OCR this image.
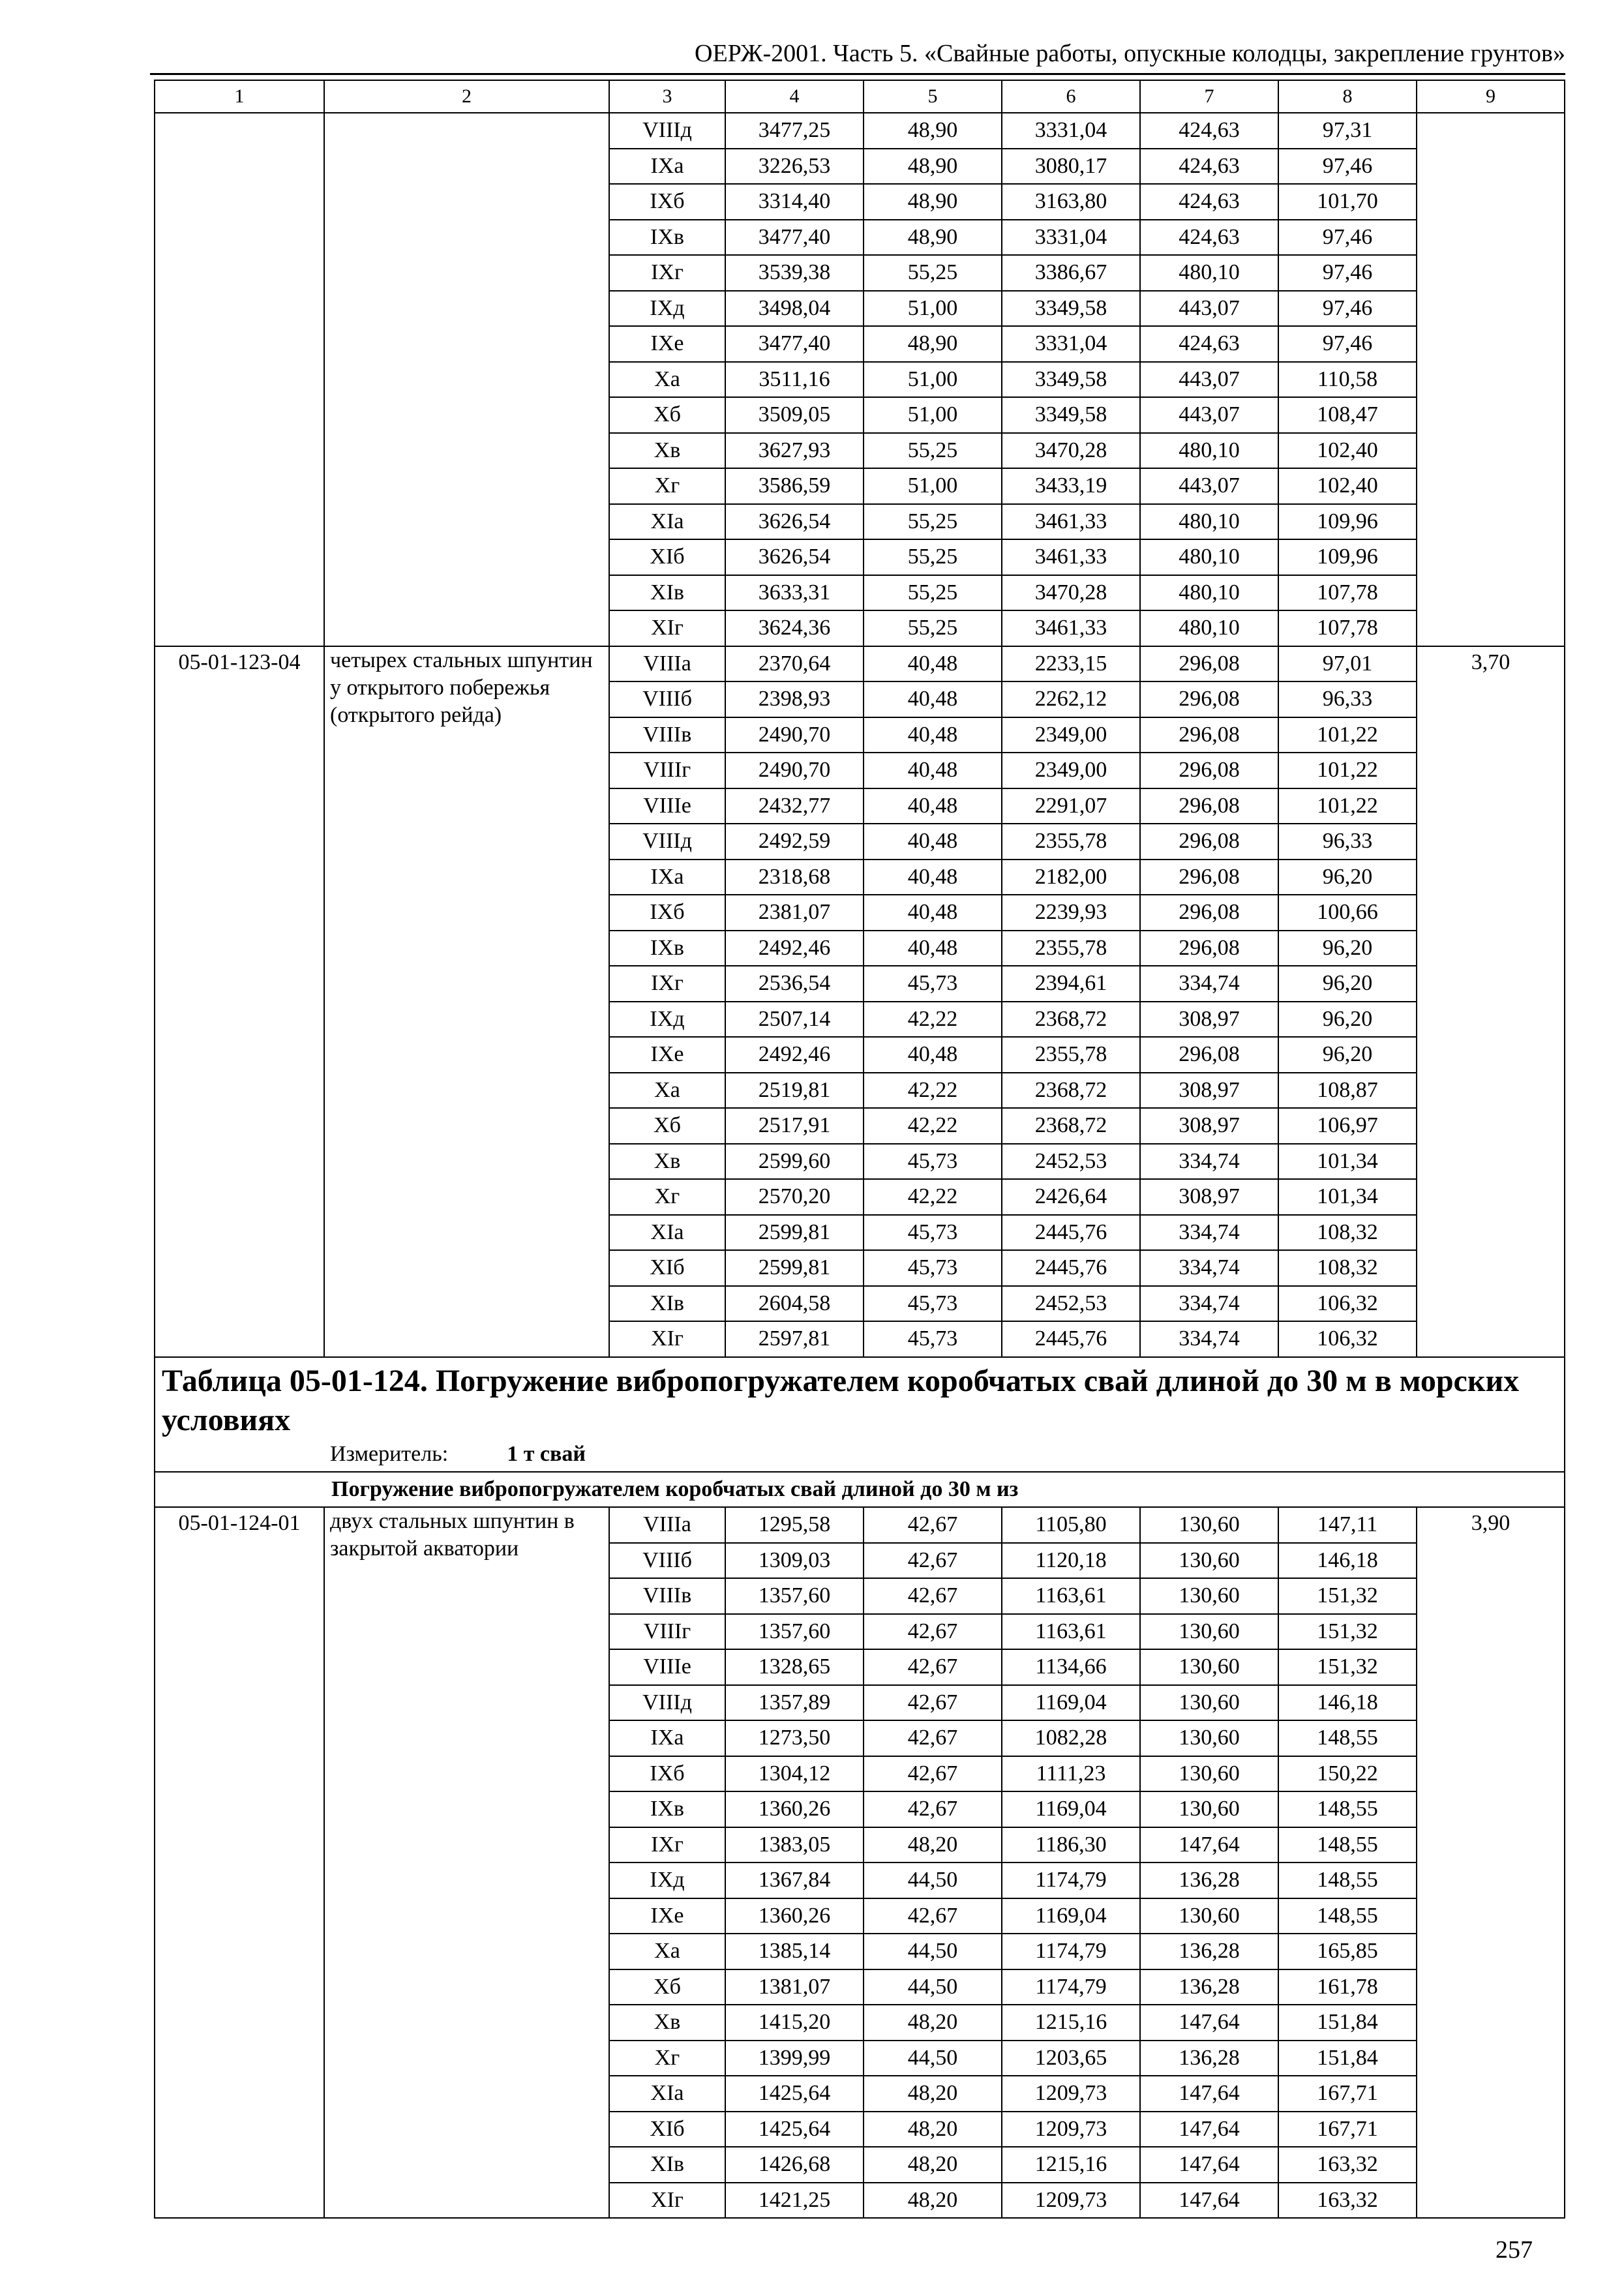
ОЕРЖ-2001. Часть 5. «Свайные работы, опускные колодцы, закрепление грунтов»
1	2	3	4	5	6	7	8	9
		VIIIд	3477,25	48,90	3331,04	424,63	97,31	
		IXа	3226,53	48,90	3080,17	424,63	97,46	
		IXб	3314,40	48,90	3163,80	424,63	101,70	
		IXв	3477,40	48,90	3331,04	424,63	97,46	
		IXг	3539,38	55,25	3386,67	480,10	97,46	
		IXд	3498,04	51,00	3349,58	443,07	97,46	
		IXе	3477,40	48,90	3331,04	424,63	97,46	
		Xа	3511,16	51,00	3349,58	443,07	110,58	
		Xб	3509,05	51,00	3349,58	443,07	108,47	
		Xв	3627,93	55,25	3470,28	480,10	102,40	
		Xг	3586,59	51,00	3433,19	443,07	102,40	
		XIа	3626,54	55,25	3461,33	480,10	109,96	
		XIб	3626,54	55,25	3461,33	480,10	109,96	
		XIв	3633,31	55,25	3470,28	480,10	107,78	
		XIг	3624,36	55,25	3461,33	480,10	107,78	
05-01-123-04	четырех стальных шпунтин у открытого побережья (открытого рейда)	VIIIа	2370,64	40,48	2233,15	296,08	97,01	3,70
		VIIIб	2398,93	40,48	2262,12	296,08	96,33	
		VIIIв	2490,70	40,48	2349,00	296,08	101,22	
		VIIIг	2490,70	40,48	2349,00	296,08	101,22	
		VIIIе	2432,77	40,48	2291,07	296,08	101,22	
		VIIIд	2492,59	40,48	2355,78	296,08	96,33	
		IXа	2318,68	40,48	2182,00	296,08	96,20	
		IXб	2381,07	40,48	2239,93	296,08	100,66	
		IXв	2492,46	40,48	2355,78	296,08	96,20	
		IXг	2536,54	45,73	2394,61	334,74	96,20	
		IXд	2507,14	42,22	2368,72	308,97	96,20	
		IXе	2492,46	40,48	2355,78	296,08	96,20	
		Xа	2519,81	42,22	2368,72	308,97	108,87	
		Xб	2517,91	42,22	2368,72	308,97	106,97	
		Xв	2599,60	45,73	2452,53	334,74	101,34	
		Xг	2570,20	42,22	2426,64	308,97	101,34	
		XIа	2599,81	45,73	2445,76	334,74	108,32	
		XIб	2599,81	45,73	2445,76	334,74	108,32	
		XIв	2604,58	45,73	2452,53	334,74	106,32	
		XIг	2597,81	45,73	2445,76	334,74	106,32	

Таблица 05-01-124. Погружение вибропогружателем коробчатых свай длиной до 30 м в морских условиях
Измеритель: 1 т свай								

Погружение вибропогружателем коробчатых свай длиной до 30 м из								
05-01-124-01	двух стальных шпунтин в закрытой акватории	VIIIа	1295,58	42,67	1105,80	130,60	147,11	3,90
		VIIIб	1309,03	42,67	1120,18	130,60	146,18	
		VIIIв	1357,60	42,67	1163,61	130,60	151,32	
		VIIIг	1357,60	42,67	1163,61	130,60	151,32	
		VIIIе	1328,65	42,67	1134,66	130,60	151,32	
		VIIIд	1357,89	42,67	1169,04	130,60	146,18	
		IXа	1273,50	42,67	1082,28	130,60	148,55	
		IXб	1304,12	42,67	1111,23	130,60	150,22	
		IXв	1360,26	42,67	1169,04	130,60	148,55	
		IXг	1383,05	48,20	1186,30	147,64	148,55	
		IXд	1367,84	44,50	1174,79	136,28	148,55	
		IXе	1360,26	42,67	1169,04	130,60	148,55	
		Xа	1385,14	44,50	1174,79	136,28	165,85	
		Xб	1381,07	44,50	1174,79	136,28	161,78	
		Xв	1415,20	48,20	1215,16	147,64	151,84	
		Xг	1399,99	44,50	1203,65	136,28	151,84	
		XIа	1425,64	48,20	1209,73	147,64	167,71	
		XIб	1425,64	48,20	1209,73	147,64	167,71	
		XIв	1426,68	48,20	1215,16	147,64	163,32	
		XIг	1421,25	48,20	1209,73	147,64	163,32	
257
